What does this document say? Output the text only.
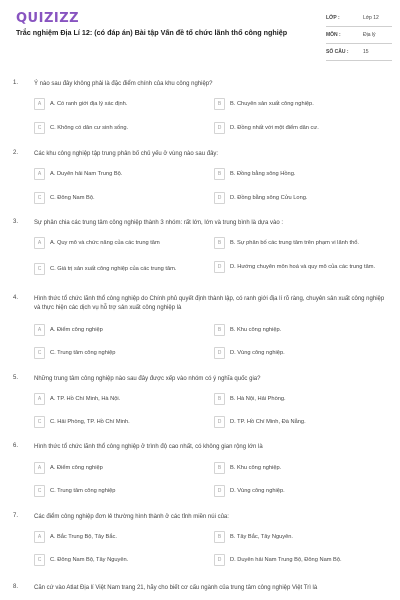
QUIZIZZ
Trắc nghiệm Địa Lí 12: (có đáp án) Bài tập Vấn đề tổ chức lãnh thổ công nghiệp
LỚP :	Lớp 12
MÔN :	Địa lý
SỐ CÂU :	15
1.	Ý nào sau đây không phải là đặc điểm chính của khu công nghiệp?
A	A. Có ranh giới địa lý xác định.	B	B. Chuyên sản xuất công nghiệp.
C	C. Không có dân cư sinh sống.	D	D. Đồng nhất với một điểm dân cư.
2.	Các khu công nghiệp tập trung phân bố chủ yếu ở vùng nào sau đây:
A	A. Duyên hải Nam Trung Bộ.	B	B. Đồng bằng sông Hồng.
C	C. Đông Nam Bộ.	D	D. Đồng bằng sông Cửu Long.
3.	Sự phân chia các trung tâm công nghiệp thành 3 nhóm: rất lớn, lớn và trung bình là dựa vào :
A	A. Quy mô và chức năng của các trung tâm	B	B. Sự phân bố các trung tâm trên phạm vi lãnh thổ.
C	C. Giá trị sản xuất công nghiệp của các trung tâm.	D	D. Hướng chuyên môn hoá và quy mô của các trung tâm.
4.	Hình thức tổ chức lãnh thổ công nghiệp do Chính phủ quyết định thành lập, có ranh giới địa lí rõ ràng, chuyên sản xuất công nghiệp và thực hiện các dịch vụ hỗ trợ sản xuất công nghiệp là
A	A. Điểm công nghiệp	B	B. Khu công nghiệp.
C	C. Trung tâm công nghiệp	D	D. Vùng công nghiệp.
5.	Những trung tâm công nghiệp nào sau đây được xếp vào nhóm có ý nghĩa quốc gia?
A	A. TP. Hồ Chí Minh, Hà Nội.	B	B. Hà Nội, Hải Phòng.
C	C. Hải Phòng, TP. Hồ Chí Minh.	D	D. TP. Hồ Chí Minh, Đà Nẵng.
6.	Hình thức tổ chức lãnh thổ công nghiệp ở trình độ cao nhất, có không gian rộng lớn là
A	A. Điểm công nghiệp	B	B. Khu công nghiệp.
C	C. Trung tâm công nghiệp	D	D. Vùng công nghiệp.
7.	Các điểm công nghiệp đơn lẻ thường hình thành ở các tỉnh miền núi của:
A	A. Bắc Trung Bộ, Tây Bắc.	B	B. Tây Bắc, Tây Nguyên.
C	C. Đông Nam Bộ, Tây Nguyên.	D	D. Duyên hải Nam Trung Bộ, Đông Nam Bộ.
8.	Căn cứ vào Atlat Địa lí Việt Nam trang 21, hãy cho biết cơ cấu ngành của trung tâm công nghiệp Việt Trì là
